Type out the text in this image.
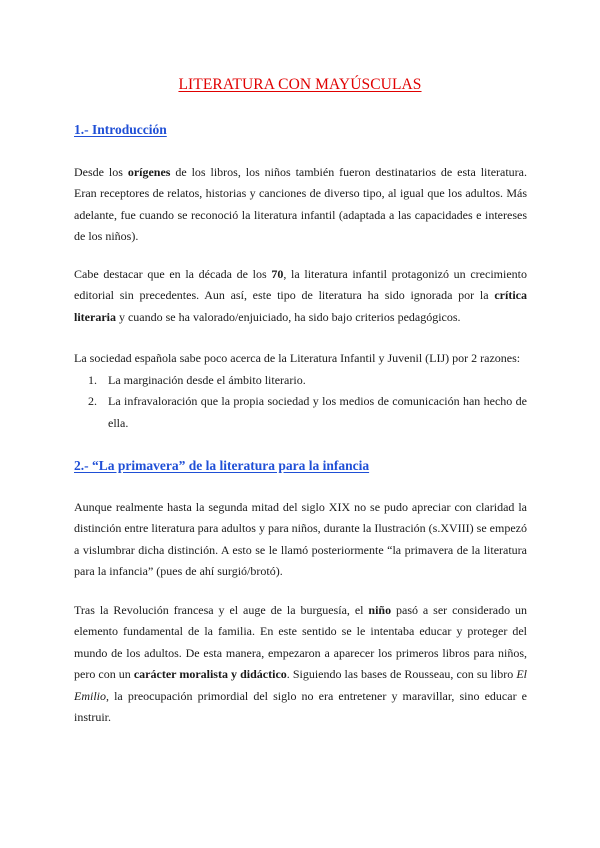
LITERATURA CON MAYÚSCULAS
1.- Introducción

Desde los orígenes de los libros, los niños también fueron destinatarios de esta literatura. Eran receptores de relatos, historias y canciones de diverso tipo, al igual que los adultos. Más adelante, fue cuando se reconoció la literatura infantil (adaptada a las capacidades e intereses de los niños).

Cabe destacar que en la década de los 70, la literatura infantil protagonizó un crecimiento editorial sin precedentes. Aun así, este tipo de literatura ha sido ignorada por la crítica literaria y cuando se ha valorado/enjuiciado, ha sido bajo criterios pedagógicos.

La sociedad española sabe poco acerca de la Literatura Infantil y Juvenil (LIJ) por 2 razones:

1. La marginación desde el ámbito literario.
2. La infravaloración que la propia sociedad y los medios de comunicación han hecho de ella.
2.- “La primavera” de la literatura para la infancia

Aunque realmente hasta la segunda mitad del siglo XIX no se pudo apreciar con claridad la distinción entre literatura para adultos y para niños, durante la Ilustración (s.XVIII) se empezó a vislumbrar dicha distinción. A esto se le llamó posteriormente “la primavera de la literatura para la infancia” (pues de ahí surgió/brotó).

Tras la Revolución francesa y el auge de la burguesía, el niño pasó a ser considerado un elemento fundamental de la familia. En este sentido se le intentaba educar y proteger del mundo de los adultos. De esta manera, empezaron a aparecer los primeros libros para niños, pero con un carácter moralista y didáctico. Siguiendo las bases de Rousseau, con su libro El Emilio, la preocupación primordial del siglo no era entretener y maravillar, sino educar e instruir.
